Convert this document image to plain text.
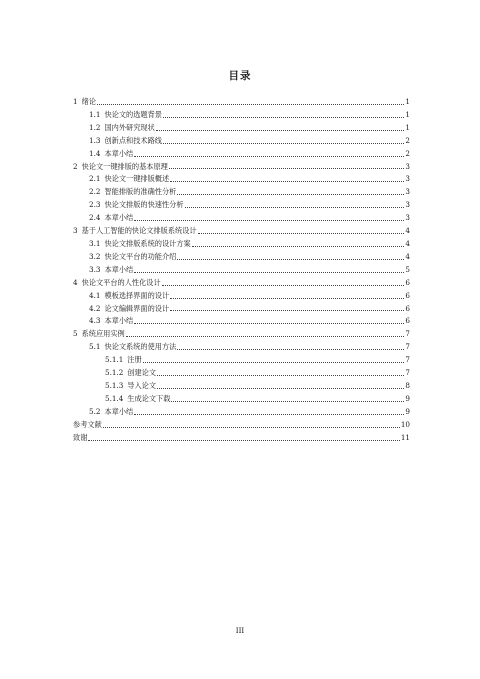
目录
1 绪论	1
1.1 快论文的选题背景	1
1.2 国内外研究现状	1
1.3 创新点和技术路线	2
1.4 本章小结	2
2 快论文一键排版的基本原理	3
2.1 快论文一键排版概述	3
2.2 智能排版的准确性分析	3
2.3 快论文排版的快速性分析	3
2.4 本章小结	3
3 基于人工智能的快论文排版系统设计	4
3.1 快论文排版系统的设计方案	4
3.2 快论文平台的功能介绍	4
3.3 本章小结	5
4 快论文平台的人性化设计	6
4.1 模板选择界面的设计	6
4.2 论文编辑界面的设计	6
4.3 本章小结	6
5 系统应用实例	7
5.1 快论文系统的使用方法	7
5.1.1 注册	7
5.1.2 创建论文	7
5.1.3 导入论文	8
5.1.4 生成论文下载	9
5.2 本章小结	9
参考文献	10
致谢	11
III
